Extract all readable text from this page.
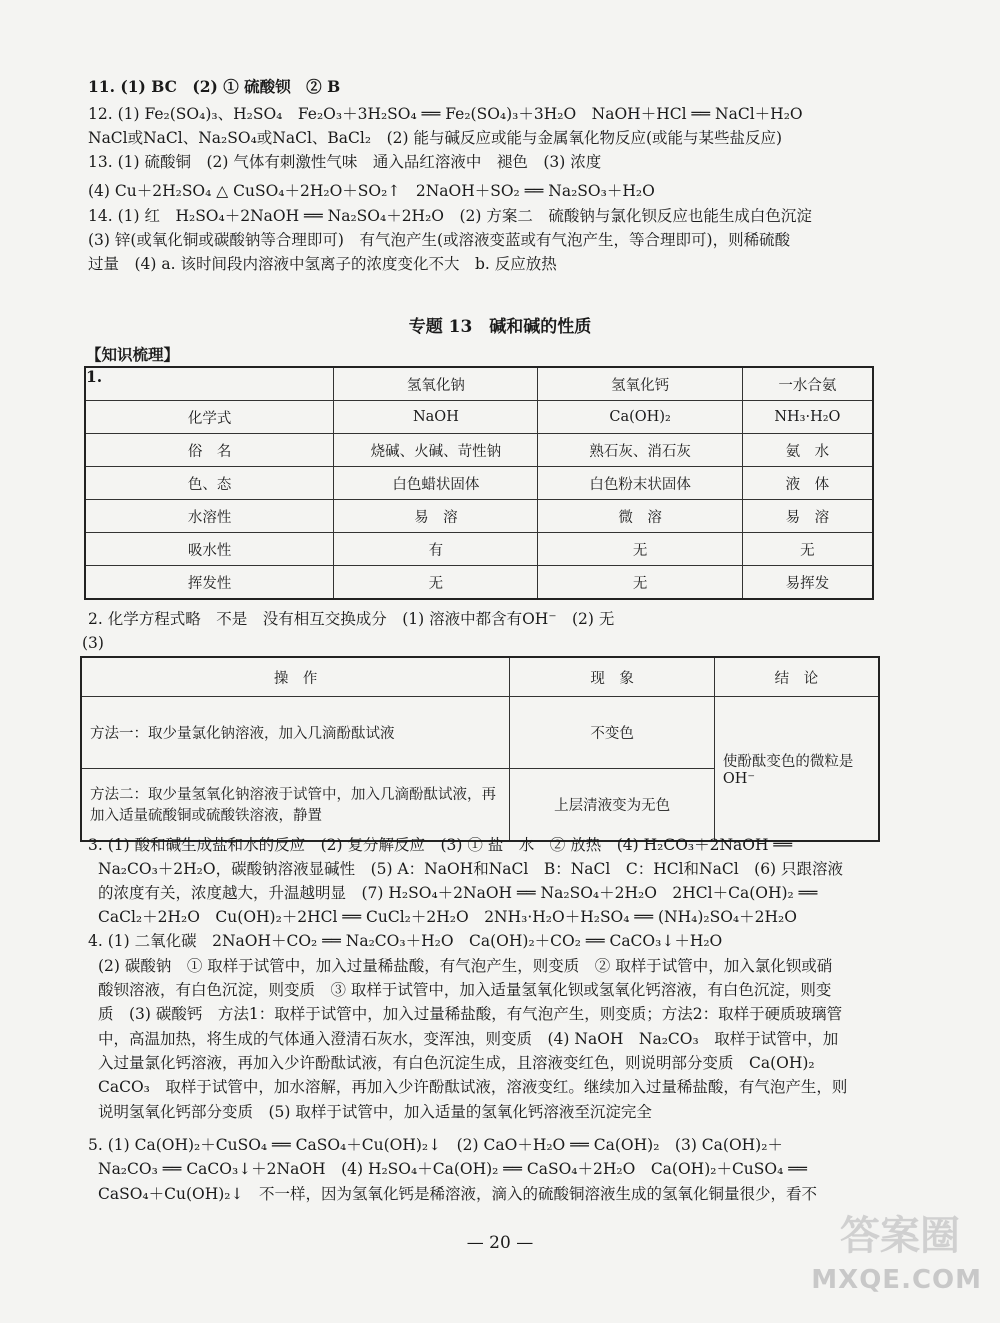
11. (1) BC　(2) ① 硫酸钡　② B
12. (1) Fe₂(SO₄)₃、H₂SO₄　Fe₂O₃＋3H₂SO₄ ══ Fe₂(SO₄)₃＋3H₂O　NaOH＋HCl ══ NaCl＋H₂O
NaCl或NaCl、Na₂SO₄或NaCl、BaCl₂　(2) 能与碱反应或能与金属氧化物反应(或能与某些盐反应)
13. (1) 硫酸铜　(2) 气体有刺激性气味　通入品红溶液中　褪色　(3) 浓度
(4) Cu＋2H₂SO₄ △ CuSO₄＋2H₂O＋SO₂↑　2NaOH＋SO₂ ══ Na₂SO₃＋H₂O
14. (1) 红　H₂SO₄＋2NaOH ══ Na₂SO₄＋2H₂O　(2) 方案二　硫酸钠与氯化钡反应也能生成白色沉淀
(3) 锌(或氧化铜或碳酸钠等合理即可)　有气泡产生(或溶液变蓝或有气泡产生，等合理即可)，则稀硫酸
过量　(4) a. 该时间段内溶液中氢离子的浓度变化不大　b. 反应放热
专题 13　碱和碱的性质
【知识梳理】
1.
		氢氧化钠	氢氧化钙	一水合氨
化学式	NaOH	Ca(OH)₂	NH₃·H₂O
俗　名	烧碱、火碱、苛性钠	熟石灰、消石灰	氨　水
色、态	白色蜡状固体	白色粉末状固体	液　体
水溶性	易　溶	微　溶	易　溶
吸水性	有	无	无
挥发性	无	无	易挥发
2. 化学方程式略　不是　没有相互交换成分　(1) 溶液中都含有OH⁻　(2) 无
(3)
操　作	现　象	结　论
方法一：取少量氯化钠溶液，加入几滴酚酞试液	不变色	使酚酞变色的微粒是OH⁻
方法二：取少量氢氧化钠溶液于试管中，加入几滴酚酞试液，再加入适量硫酸铜或硫酸铁溶液，静置	上层清液变为无色	
3. (1) 酸和碱生成盐和水的反应　(2) 复分解反应　(3) ① 盐　水　② 放热　(4) H₂CO₃＋2NaOH ══
Na₂CO₃＋2H₂O，碳酸钠溶液显碱性　(5) A：NaOH和NaCl　B：NaCl　C：HCl和NaCl　(6) 只跟溶液
的浓度有关，浓度越大，升温越明显　(7) H₂SO₄＋2NaOH ══ Na₂SO₄＋2H₂O　2HCl＋Ca(OH)₂ ══
CaCl₂＋2H₂O　Cu(OH)₂＋2HCl ══ CuCl₂＋2H₂O　2NH₃·H₂O＋H₂SO₄ ══ (NH₄)₂SO₄＋2H₂O
4. (1) 二氧化碳　2NaOH＋CO₂ ══ Na₂CO₃＋H₂O　Ca(OH)₂＋CO₂ ══ CaCO₃↓＋H₂O
(2) 碳酸钠　① 取样于试管中，加入过量稀盐酸，有气泡产生，则变质　② 取样于试管中，加入氯化钡或硝
酸钡溶液，有白色沉淀，则变质　③ 取样于试管中，加入适量氢氧化钡或氢氧化钙溶液，有白色沉淀，则变
质　(3) 碳酸钙　方法1：取样于试管中，加入过量稀盐酸，有气泡产生，则变质；方法2：取样于硬质玻璃管
中，高温加热，将生成的气体通入澄清石灰水，变浑浊，则变质　(4) NaOH　Na₂CO₃　取样于试管中，加
入过量氯化钙溶液，再加入少许酚酞试液，有白色沉淀生成，且溶液变红色，则说明部分变质　Ca(OH)₂
CaCO₃　取样于试管中，加水溶解，再加入少许酚酞试液，溶液变红。继续加入过量稀盐酸，有气泡产生，则
说明氢氧化钙部分变质　(5) 取样于试管中，加入适量的氢氧化钙溶液至沉淀完全
5. (1) Ca(OH)₂＋CuSO₄ ══ CaSO₄＋Cu(OH)₂↓　(2) CaO＋H₂O ══ Ca(OH)₂　(3) Ca(OH)₂＋
Na₂CO₃ ══ CaCO₃↓＋2NaOH　(4) H₂SO₄＋Ca(OH)₂ ══ CaSO₄＋2H₂O　Ca(OH)₂＋CuSO₄ ══
CaSO₄＋Cu(OH)₂↓　不一样，因为氢氧化钙是稀溶液，滴入的硫酸铜溶液生成的氢氧化铜量很少，看不
— 20 —	答案圈
MXQE.COM
